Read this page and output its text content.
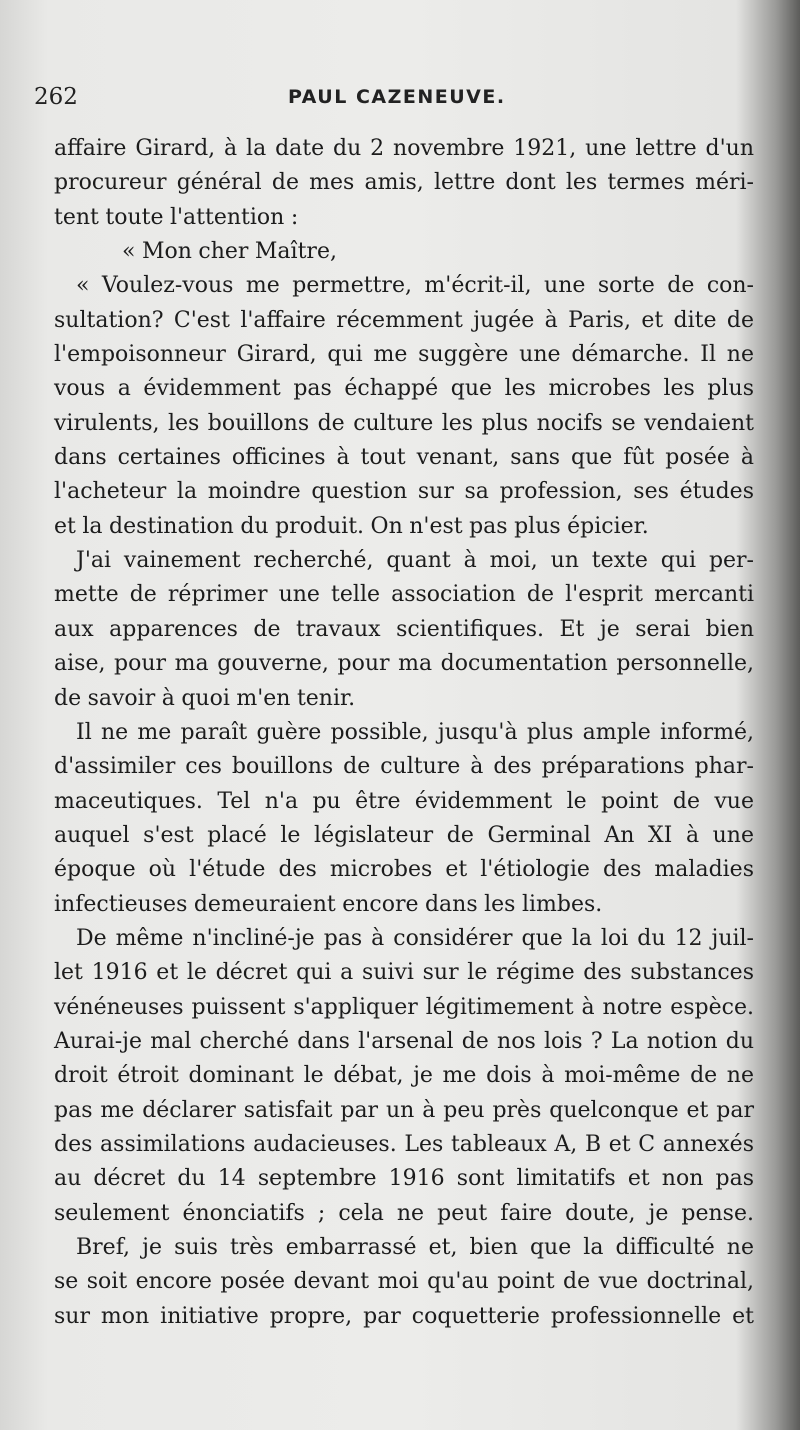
262	PAUL CAZENEUVE.
affaire Girard, à la date du 2 novembre 1921, une lettre d'un
procureur général de mes amis, lettre dont les termes méri-
tent toute l'attention :
« Mon cher Maître,
« Voulez-vous me permettre, m'écrit-il, une sorte de con-
sultation? C'est l'affaire récemment jugée à Paris, et dite de
l'empoisonneur Girard, qui me suggère une démarche. Il ne
vous a évidemment pas échappé que les microbes les plus
virulents, les bouillons de culture les plus nocifs se vendaient
dans certaines officines à tout venant, sans que fût posée à
l'acheteur la moindre question sur sa profession, ses études
et la destination du produit. On n'est pas plus épicier.
J'ai vainement recherché, quant à moi, un texte qui per-
mette de réprimer une telle association de l'esprit mercanti
aux apparences de travaux scientifiques. Et je serai bien
aise, pour ma gouverne, pour ma documentation personnelle,
de savoir à quoi m'en tenir.
Il ne me paraît guère possible, jusqu'à plus ample informé,
d'assimiler ces bouillons de culture à des préparations phar-
maceutiques. Tel n'a pu être évidemment le point de vue
auquel s'est placé le législateur de Germinal An XI à une
époque où l'étude des microbes et l'étiologie des maladies
infectieuses demeuraient encore dans les limbes.
De même n'incliné-je pas à considérer que la loi du 12 juil-
let 1916 et le décret qui a suivi sur le régime des substances
vénéneuses puissent s'appliquer légitimement à notre espèce.
Aurai-je mal cherché dans l'arsenal de nos lois ? La notion du
droit étroit dominant le débat, je me dois à moi-même de ne
pas me déclarer satisfait par un à peu près quelconque et par
des assimilations audacieuses. Les tableaux A, B et C annexés
au décret du 14 septembre 1916 sont limitatifs et non pas
seulement énonciatifs ; cela ne peut faire doute, je pense.
Bref, je suis très embarrassé et, bien que la difficulté ne
se soit encore posée devant moi qu'au point de vue doctrinal,
sur mon initiative propre, par coquetterie professionnelle et
